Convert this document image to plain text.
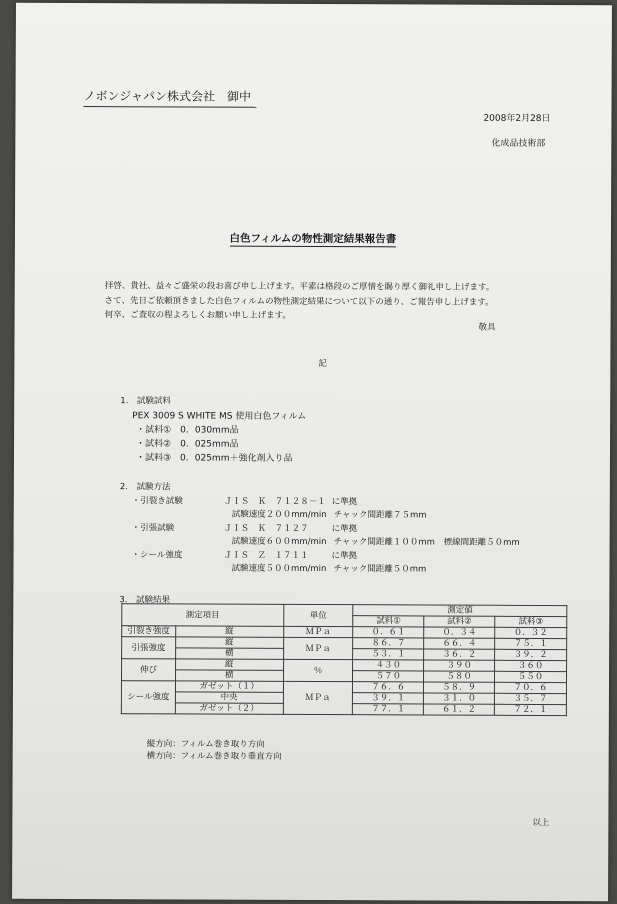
ノボンジャパン株式会社　御中
2008年2月28日
化成品技術部
白色フィルムの物性測定結果報告書
拝啓、貴社、益々ご盛栄の段お喜び申し上げます。平素は格段のご厚情を賜り厚く御礼申し上げます。
さて、先日ご依頼頂きました白色フィルムの物性測定結果について以下の通り、ご報告申し上げます。
何卒、ご査収の程よろしくお願い申し上げます。
敬具
記
1.　試験試料
PEX 3009 S WHITE MS 使用白色フィルム
・試料①　0．030mm品
・試料②　0．025mm品
・試料③　0．025mm＋強化剤入り品
2.　試験方法
・引裂き試験	ＪＩＳ　Ｋ　７１２８－１ に準拠
試験速度２００mm/min チャック間距離７５mm
・引張試験	ＪＩＳ　Ｋ　７１２７	に準拠
試験速度６００mm/min チャック間距離１００mm 標線間距離５０mm
・シール強度	ＪＩＳ　Ｚ　１７１１	に準拠
試験速度５００mm/min チャック間距離５０mm
3.　試験結果
測定項目		単位	測定値		
			試料①	試料②	試料③
引裂き強度	縦	ＭＰａ	０．６１	０．３４	０．３２
引張強度	縦	ＭＰａ	８６．７	６６．４	７５．１
	横		５３．１	３６．２	３９．２
伸び	縦	％	４３０	３９０	３６０
	横		５７０	５８０	５５０
シール強度	ガゼット（１）	ＭＰａ	７６．６	５８．９	７０．６
	中央		３９．１	３１．０	３５．７
	ガゼット（２）		７７．１	６１．２	７２．１
縦方向：フィルム巻き取り方向
横方向：フィルム巻き取り垂直方向
以上
